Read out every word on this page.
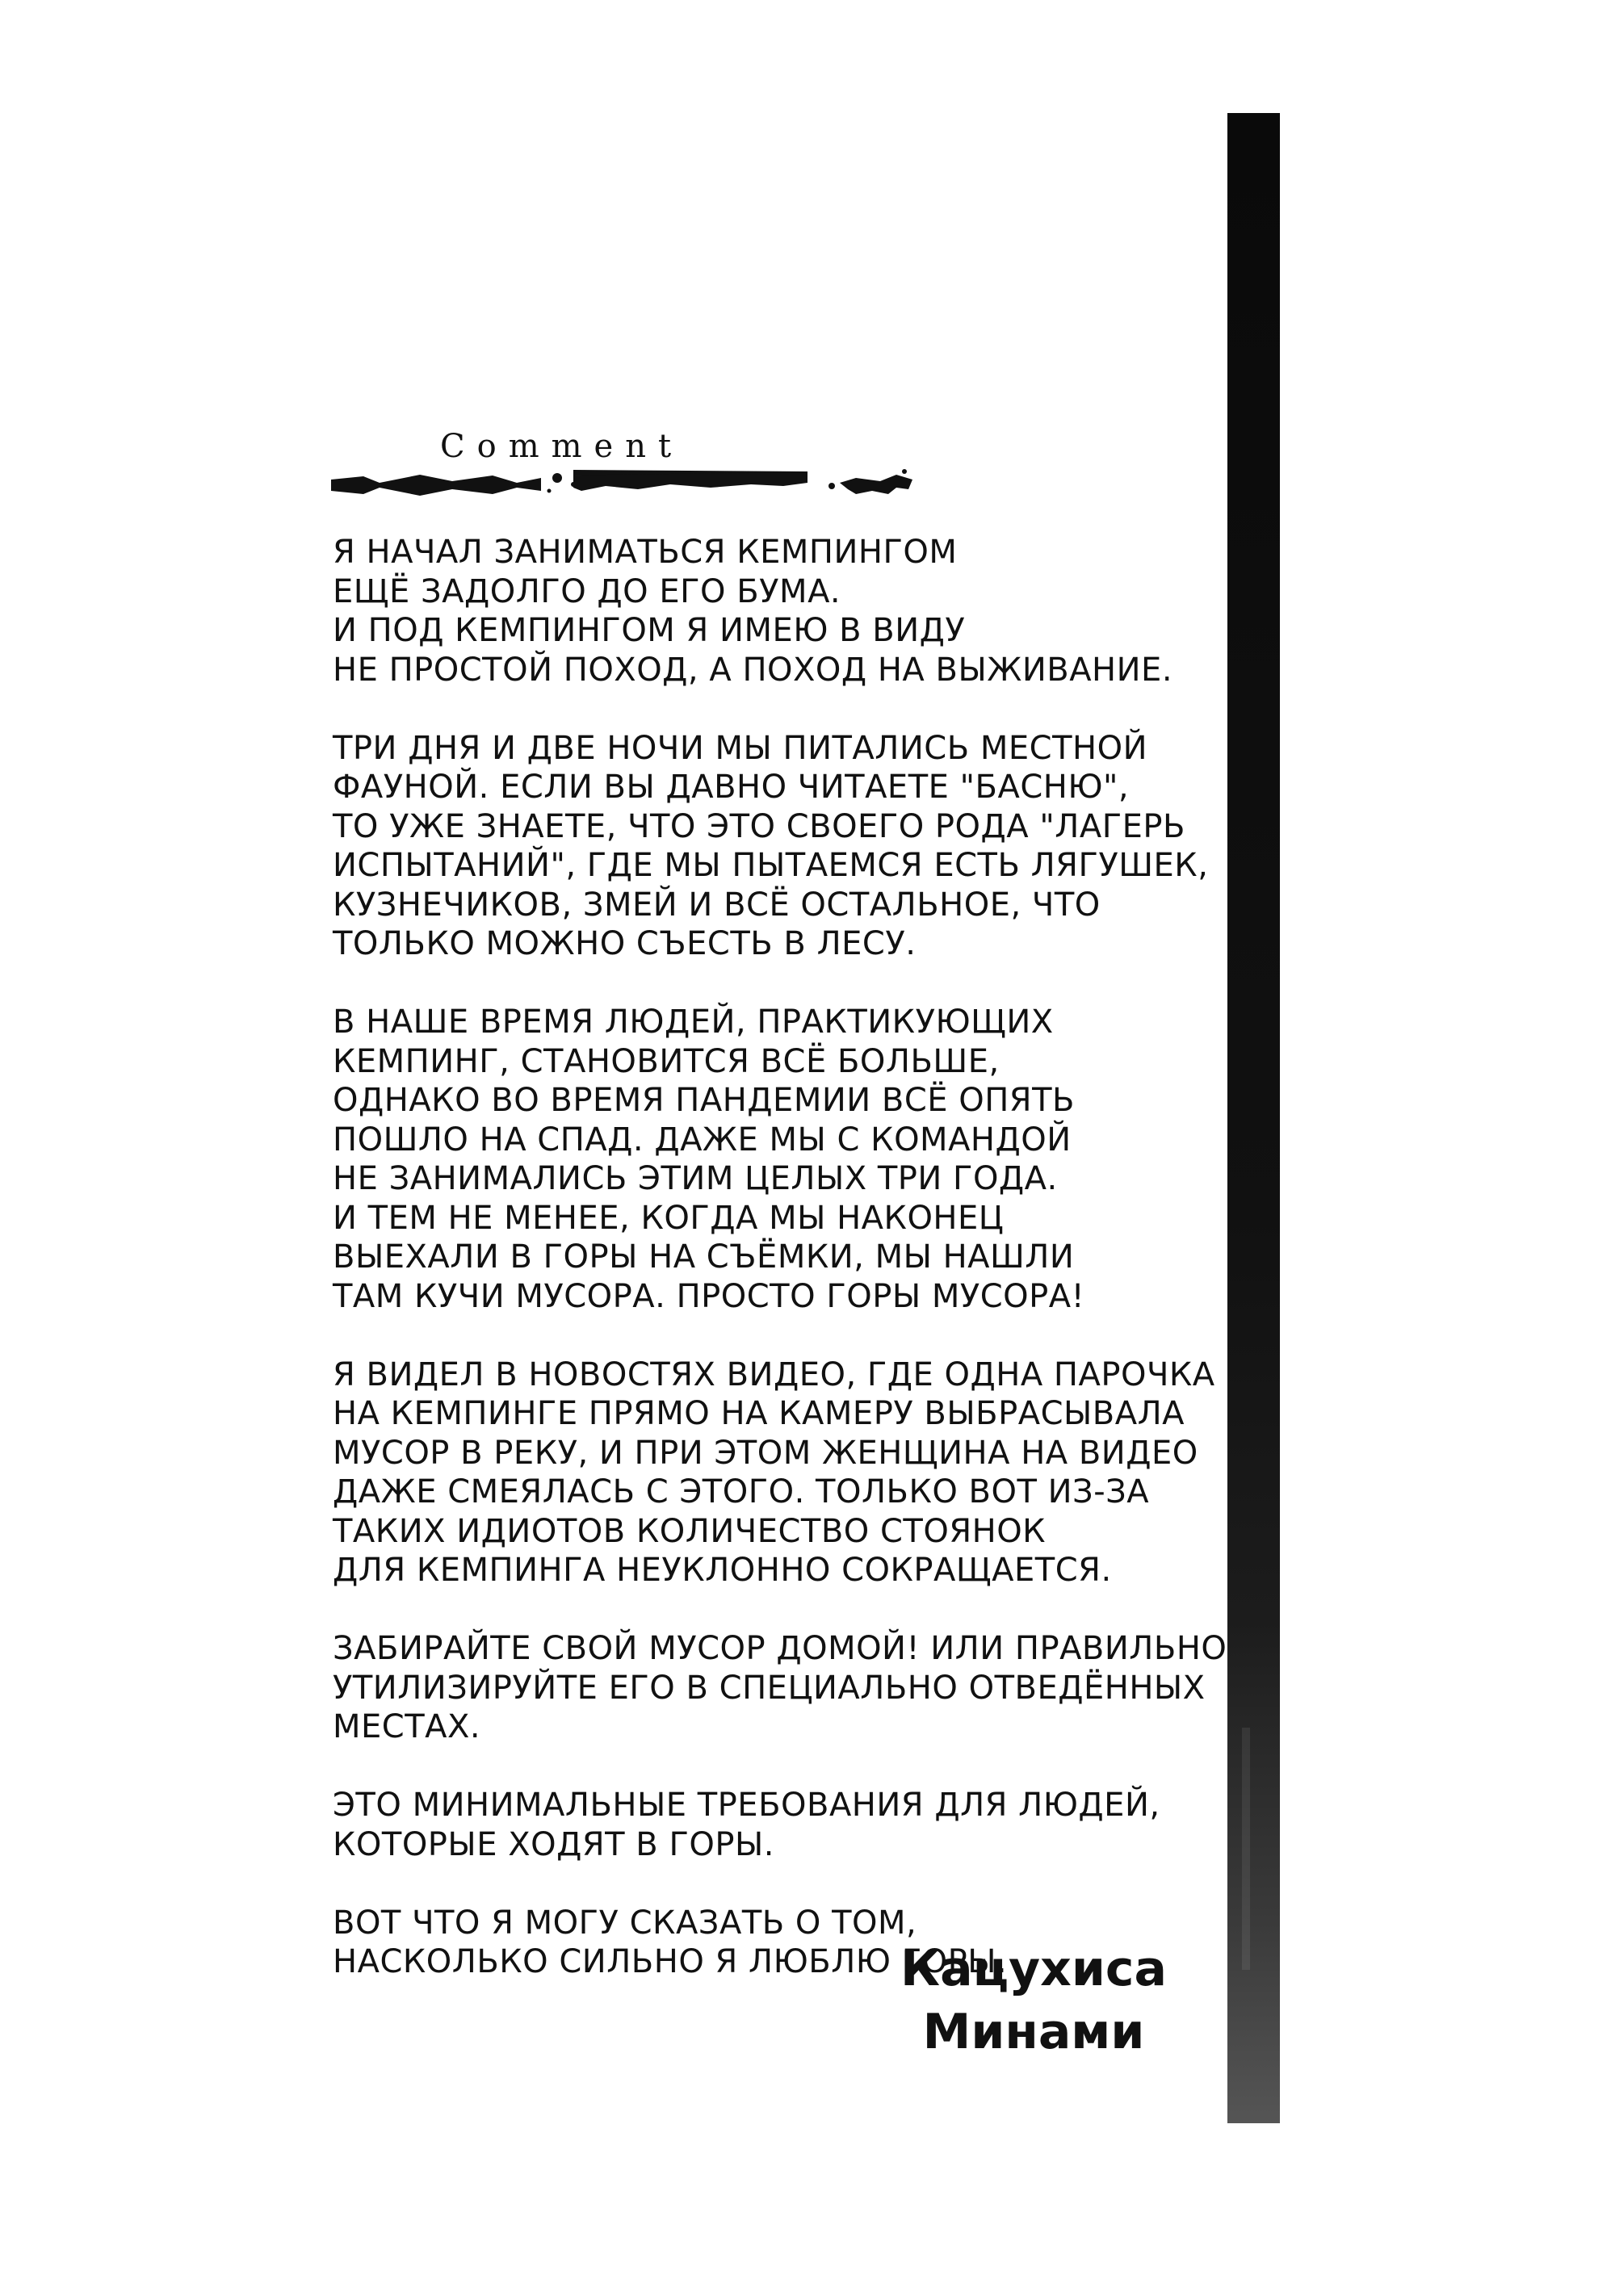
Comment
Я НАЧАЛ ЗАНИМАТЬСЯ КЕМПИНГОМ
ЕЩЁ ЗАДОЛГО ДО ЕГО БУМА.
И ПОД КЕМПИНГОМ Я ИМЕЮ В ВИДУ
НЕ ПРОСТОЙ ПОХОД, А ПОХОД НА ВЫЖИВАНИЕ.
ТРИ ДНЯ И ДВЕ НОЧИ МЫ ПИТАЛИСЬ МЕСТНОЙ
ФАУНОЙ. ЕСЛИ ВЫ ДАВНО ЧИТАЕТЕ "БАСНЮ",
ТО УЖЕ ЗНАЕТЕ, ЧТО ЭТО СВОЕГО РОДА "ЛАГЕРЬ
ИСПЫТАНИЙ", ГДЕ МЫ ПЫТАЕМСЯ ЕСТЬ ЛЯГУШЕК,
КУЗНЕЧИКОВ, ЗМЕЙ И ВСЁ ОСТАЛЬНОЕ, ЧТО
ТОЛЬКО МОЖНО СЪЕСТЬ В ЛЕСУ.
В НАШЕ ВРЕМЯ ЛЮДЕЙ, ПРАКТИКУЮЩИХ
КЕМПИНГ, СТАНОВИТСЯ ВСЁ БОЛЬШЕ,
ОДНАКО ВО ВРЕМЯ ПАНДЕМИИ ВСЁ ОПЯТЬ
ПОШЛО НА СПАД. ДАЖЕ МЫ С КОМАНДОЙ
НЕ ЗАНИМАЛИСЬ ЭТИМ ЦЕЛЫХ ТРИ ГОДА.
И ТЕМ НЕ МЕНЕЕ, КОГДА МЫ НАКОНЕЦ
ВЫЕХАЛИ В ГОРЫ НА СЪЁМКИ, МЫ НАШЛИ
ТАМ КУЧИ МУСОРА. ПРОСТО ГОРЫ МУСОРА!
Я ВИДЕЛ В НОВОСТЯХ ВИДЕО, ГДЕ ОДНА ПАРОЧКА
НА КЕМПИНГЕ ПРЯМО НА КАМЕРУ ВЫБРАСЫВАЛА
МУСОР В РЕКУ, И ПРИ ЭТОМ ЖЕНЩИНА НА ВИДЕО
ДАЖЕ СМЕЯЛАСЬ С ЭТОГО. ТОЛЬКО ВОТ ИЗ-ЗА
ТАКИХ ИДИОТОВ КОЛИЧЕСТВО СТОЯНОК
ДЛЯ КЕМПИНГА НЕУКЛОННО СОКРАЩАЕТСЯ.
ЗАБИРАЙТЕ СВОЙ МУСОР ДОМОЙ! ИЛИ ПРАВИЛЬНО
УТИЛИЗИРУЙТЕ ЕГО В СПЕЦИАЛЬНО ОТВЕДЁННЫХ
МЕСТАХ.
ЭТО МИНИМАЛЬНЫЕ ТРЕБОВАНИЯ ДЛЯ ЛЮДЕЙ,
КОТОРЫЕ ХОДЯТ В ГОРЫ.
ВОТ ЧТО Я МОГУ СКАЗАТЬ О ТОМ,
НАСКОЛЬКО СИЛЬНО Я ЛЮБЛЮ ГОРЫ.
Кацухиса
Минами
